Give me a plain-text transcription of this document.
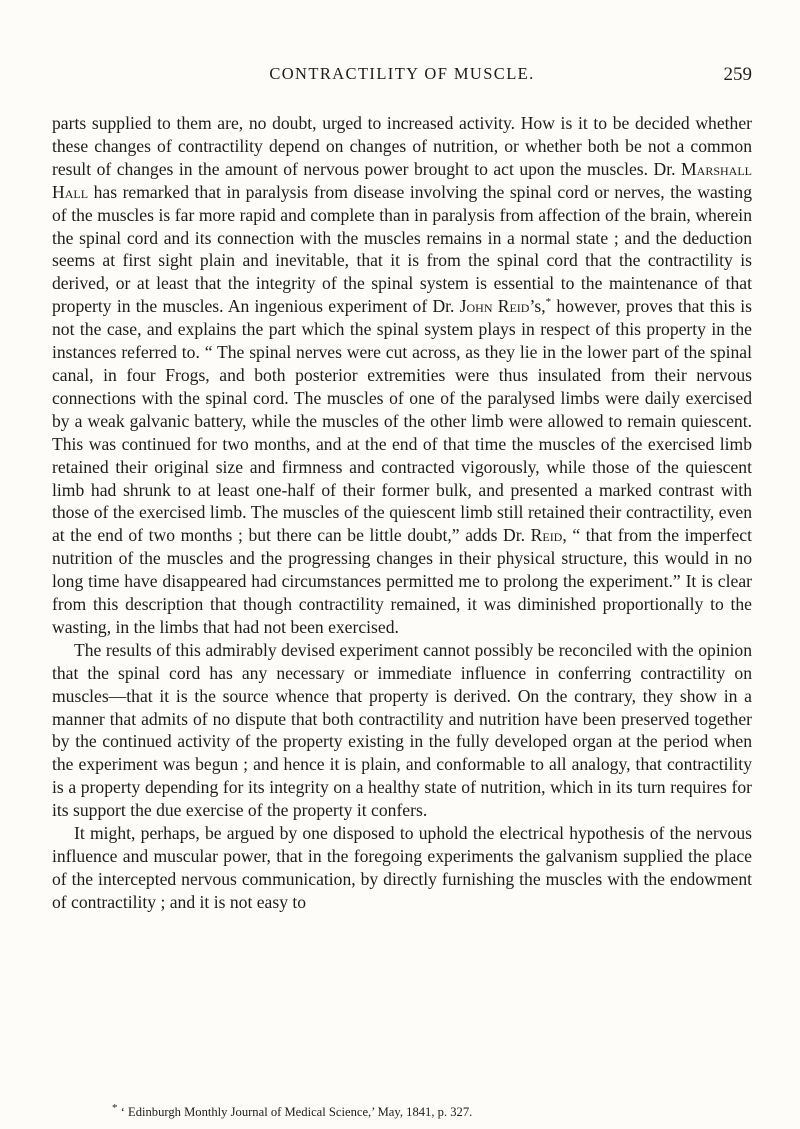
CONTRACTILITY OF MUSCLE.	259

parts supplied to them are, no doubt, urged to increased activity. How is it to be decided whether these changes of contractility depend on changes of nutrition, or whether both be not a common result of changes in the amount of nervous power brought to act upon the muscles. Dr. Marshall Hall has remarked that in paralysis from disease involving the spinal cord or nerves, the wasting of the muscles is far more rapid and complete than in paralysis from affection of the brain, wherein the spinal cord and its connection with the muscles remains in a normal state ; and the deduction seems at first sight plain and inevitable, that it is from the spinal cord that the contractility is derived, or at least that the integrity of the spinal system is essential to the maintenance of that property in the muscles. An ingenious experiment of Dr. John Reid’s,* however, proves that this is not the case, and explains the part which the spinal system plays in respect of this property in the instances referred to. “ The spinal nerves were cut across, as they lie in the lower part of the spinal canal, in four Frogs, and both posterior extremities were thus insulated from their nervous connections with the spinal cord. The muscles of one of the paralysed limbs were daily exercised by a weak galvanic battery, while the muscles of the other limb were allowed to remain quiescent. This was continued for two months, and at the end of that time the muscles of the exercised limb retained their original size and firmness and contracted vigorously, while those of the quiescent limb had shrunk to at least one-half of their former bulk, and presented a marked contrast with those of the exercised limb. The muscles of the quiescent limb still retained their contractility, even at the end of two months ; but there can be little doubt,” adds Dr. Reid, “ that from the imperfect nutrition of the muscles and the progressing changes in their physical structure, this would in no long time have disappeared had circumstances permitted me to prolong the experiment.” It is clear from this description that though contractility remained, it was diminished proportionally to the wasting, in the limbs that had not been exercised.

The results of this admirably devised experiment cannot possibly be reconciled with the opinion that the spinal cord has any necessary or immediate influence in conferring contractility on muscles—that it is the source whence that property is derived. On the contrary, they show in a manner that admits of no dispute that both contractility and nutrition have been preserved together by the continued activity of the property existing in the fully developed organ at the period when the experiment was begun ; and hence it is plain, and conformable to all analogy, that contractility is a property depending for its integrity on a healthy state of nutrition, which in its turn requires for its support the due exercise of the property it confers.

It might, perhaps, be argued by one disposed to uphold the electrical hypothesis of the nervous influence and muscular power, that in the foregoing experiments the galvanism supplied the place of the intercepted nervous communication, by directly furnishing the muscles with the endowment of contractility ; and it is not easy to

* ‘ Edinburgh Monthly Journal of Medical Science,’ May, 1841, p. 327.
